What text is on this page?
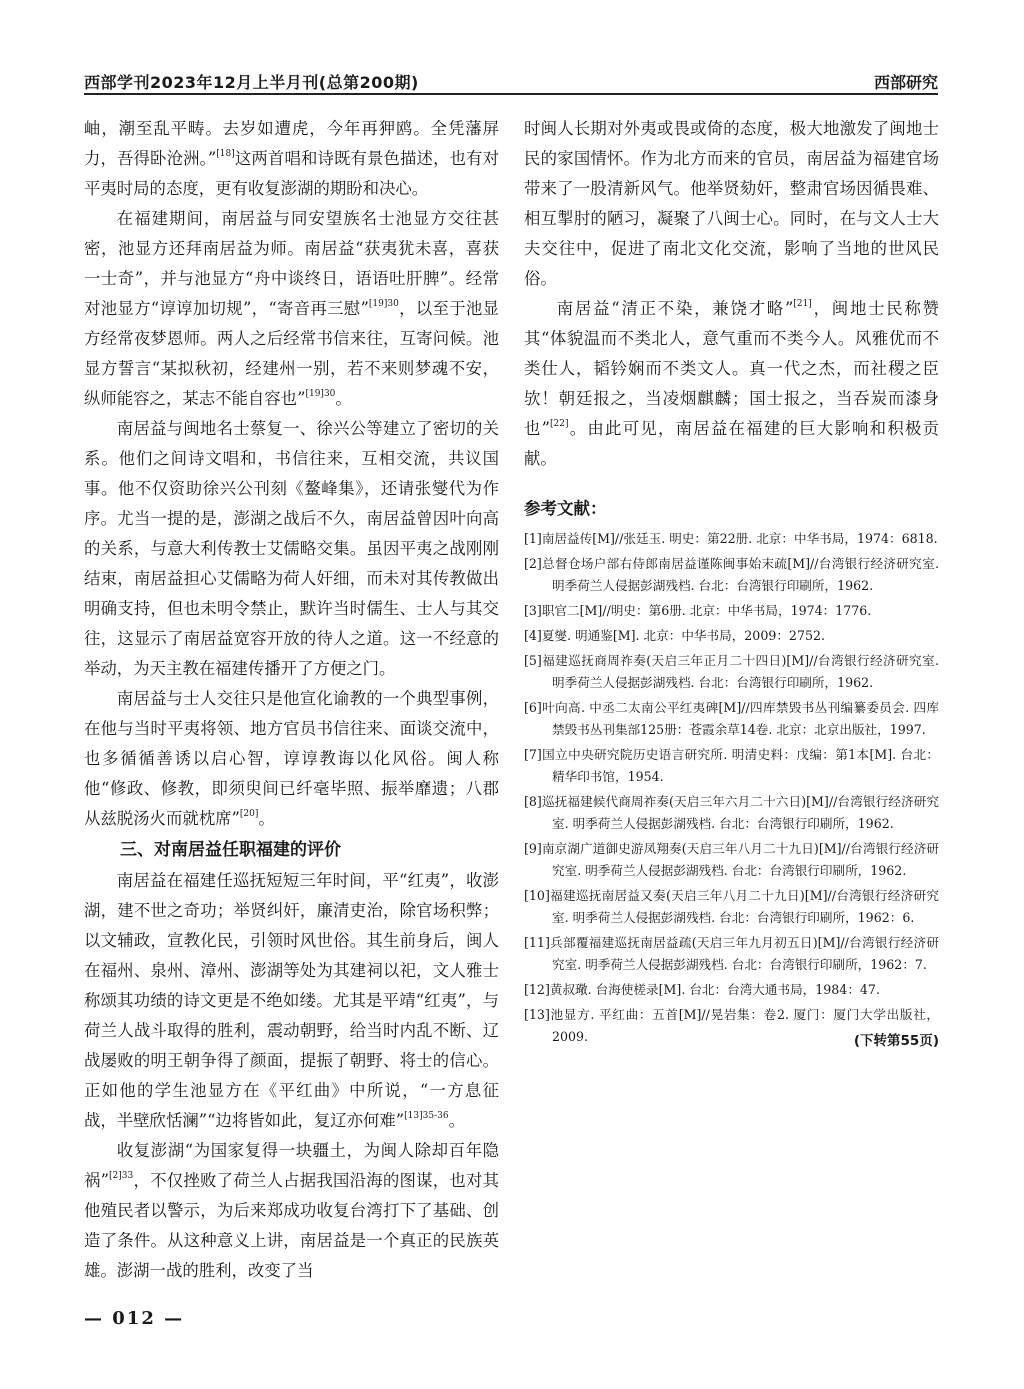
西部学刊2023年12月上半月刊(总第200期)	西部研究

岫，潮至乱平畴。去岁如遭虎，今年再狎鸥。全凭藩屏力，吾得卧沧洲。”[18]这两首唱和诗既有景色描述，也有对平夷时局的态度，更有收复澎湖的期盼和决心。

在福建期间，南居益与同安望族名士池显方交往甚密，池显方还拜南居益为师。南居益“获夷犹未喜，喜获一士奇”，并与池显方“舟中谈终日，语语吐肝脾”。经常对池显方“谆谆加切规”，“寄音再三慰”$^{[19]30}$，以至于池显方经常夜梦恩师。两人之后经常书信来往，互寄问候。池显方誓言“某拟秋初，经建州一别，若不来则梦魂不安，纵师能容之，某志不能自容也”$^{[19]30}$。

南居益与闽地名士蔡复一、徐兴公等建立了密切的关系。他们之间诗文唱和，书信往来，互相交流，共议国事。他不仅资助徐兴公刊刻《鳌峰集》，还请张燮代为作序。尤当一提的是，澎湖之战后不久，南居益曾因叶向高的关系，与意大利传教士艾儒略交集。虽因平夷之战刚刚结束，南居益担心艾儒略为荷人奸细，而未对其传教做出明确支持，但也未明令禁止，默许当时儒生、士人与其交往，这显示了南居益宽容开放的待人之道。这一不经意的举动，为天主教在福建传播开了方便之门。

南居益与士人交往只是他宣化谕教的一个典型事例，在他与当时平夷将领、地方官员书信往来、面谈交流中，也多循循善诱以启心智，谆谆教诲以化风俗。闽人称他“修政、修教，即须臾间已纤毫毕照、振举靡遗；八郡从兹脱汤火而就枕席”[20]。

三、对南居益任职福建的评价

南居益在福建任巡抚短短三年时间，平“红夷”，收澎湖，建不世之奇功；举贤纠奸，廉清吏治，除官场积弊；以文辅政，宣教化民，引领时风世俗。其生前身后，闽人在福州、泉州、漳州、澎湖等处为其建祠以祀，文人雅士称颂其功绩的诗文更是不绝如缕。尤其是平靖“红夷”，与荷兰人战斗取得的胜利，震动朝野，给当时内乱不断、辽战屡败的明王朝争得了颜面，提振了朝野、将士的信心。正如他的学生池显方在《平红曲》中所说，“一方息征战，半壁欣恬澜”“边将皆如此，复辽亦何难”$^{[13]35-36}$。

收复澎湖“为国家复得一块疆土，为闽人除却百年隐祸”$^{[2]33}$，不仅挫败了荷兰人占据我国沿海的图谋，也对其他殖民者以警示，为后来郑成功收复台湾打下了基础、创造了条件。从这种意义上讲，南居益是一个真正的民族英雄。澎湖一战的胜利，改变了当

时闽人长期对外夷或畏或倚的态度，极大地激发了闽地士民的家国情怀。作为北方而来的官员，南居益为福建官场带来了一股清新风气。他举贤劾奸，整肃官场因循畏难、相互掣肘的陋习，凝聚了八闽士心。同时，在与文人士大夫交往中，促进了南北文化交流，影响了当地的世风民俗。

南居益“清正不染，兼饶才略”[21]，闽地士民称赞其“体貌温而不类北人，意气重而不类今人。风雅优而不类仕人，韬钤娴而不类文人。真一代之杰，而社稷之臣欤！朝廷报之，当凌烟麒麟；国士报之，当吞炭而漆身也”[22]。由此可见，南居益在福建的巨大影响和积极贡献。

参考文献：
[1]南居益传[M]//张廷玉. 明史：第22册. 北京：中华书局，1974：6818.
[2]总督仓场户部右侍郎南居益谨陈闽事始末疏[M]//台湾银行经济研究室. 明季荷兰人侵据彭湖残档. 台北：台湾银行印刷所，1962.
[3]职官二[M]//明史：第6册. 北京：中华书局，1974：1776.
[4]夏燮. 明通鉴[M]. 北京：中华书局，2009：2752.
[5]福建巡抚商周祚奏(天启三年正月二十四日)[M]//台湾银行经济研究室. 明季荷兰人侵据彭湖残档. 台北：台湾银行印刷所，1962.
[6]叶向高. 中丞二太南公平红夷碑[M]//四库禁毁书丛刊编纂委员会. 四库禁毁书丛刊集部125册：苍霞余草14卷. 北京：北京出版社，1997.
[7]国立中央研究院历史语言研究所. 明清史料：戊编：第1本[M]. 台北：精华印书馆，1954.
[8]巡抚福建候代商周祚奏(天启三年六月二十六日)[M]//台湾银行经济研究室. 明季荷兰人侵据彭湖残档. 台北：台湾银行印刷所，1962.
[9]南京湖广道御史游凤翔奏(天启三年八月二十九日)[M]//台湾银行经济研究室. 明季荷兰人侵据彭湖残档. 台北：台湾银行印刷所，1962.
[10]福建巡抚南居益又奏(天启三年八月二十九日)[M]//台湾银行经济研究室. 明季荷兰人侵据彭湖残档. 台北：台湾银行印刷所，1962：6.
[11]兵部覆福建巡抚南居益疏(天启三年九月初五日)[M]//台湾银行经济研究室. 明季荷兰人侵据彭湖残档. 台北：台湾银行印刷所，1962：7.
[12]黄叔璥. 台海使槎录[M]. 台北：台湾大通书局，1984：47.
[13]池显方. 平红曲：五首[M]//晃岩集：卷2. 厦门：厦门大学出版社，2009.	(下转第55页)
— 012 —
